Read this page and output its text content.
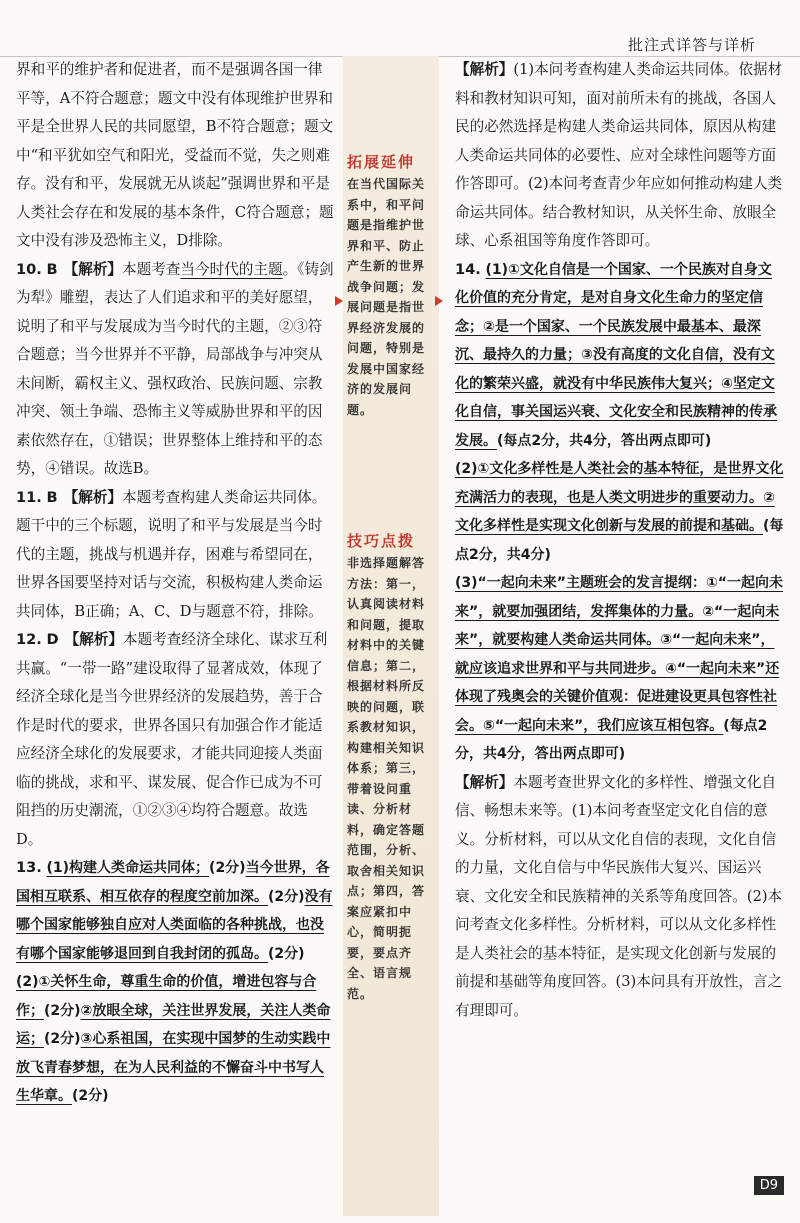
批注式详答与详析
界和平的维护者和促进者，而不是强调各国一律平等，A不符合题意；题文中没有体现维护世界和平是全世界人民的共同愿望，B不符合题意；题文中“和平犹如空气和阳光，受益而不觉，失之则难存。没有和平，发展就无从谈起”强调世界和平是人类社会存在和发展的基本条件，C符合题意；题文中没有涉及恐怖主义，D排除。
10. B 【解析】本题考查当今时代的主题。《铸剑为犁》雕塑，表达了人们追求和平的美好愿望，说明了和平与发展成为当今时代的主题，②③符合题意；当今世界并不平静，局部战争与冲突从未间断，霸权主义、强权政治、民族问题、宗教冲突、领土争端、恐怖主义等威胁世界和平的因素依然存在，①错误；世界整体上维持和平的态势，④错误。故选B。
11. B 【解析】本题考查构建人类命运共同体。题干中的三个标题，说明了和平与发展是当今时代的主题，挑战与机遇并存，困难与希望同在，世界各国要坚持对话与交流，积极构建人类命运共同体，B正确；A、C、D与题意不符，排除。
12. D 【解析】本题考查经济全球化、谋求互利共赢。“一带一路”建设取得了显著成效，体现了经济全球化是当今世界经济的发展趋势，善于合作是时代的要求，世界各国只有加强合作才能适应经济全球化的发展要求，才能共同迎接人类面临的挑战，求和平、谋发展、促合作已成为不可阻挡的历史潮流，①②③④均符合题意。故选D。
13. (1)构建人类命运共同体；(2分)当今世界，各国相互联系、相互依存的程度空前加深。(2分)没有哪个国家能够独自应对人类面临的各种挑战，也没有哪个国家能够退回到自我封闭的孤岛。(2分)
(2)①关怀生命，尊重生命的价值，增进包容与合作；(2分)②放眼全球，关注世界发展，关注人类命运；(2分)③心系祖国，在实现中国梦的生动实践中放飞青春梦想，在为人民利益的不懈奋斗中书写人生华章。(2分)
拓展延伸
在当代国际关系中，和平问题是指维护世界和平、防止产生新的世界战争问题；发展问题是指世界经济发展的问题，特别是发展中国家经济的发展问题。
技巧点拨
非选择题解答方法：第一，认真阅读材料和问题，提取材料中的关键信息；第二，根据材料所反映的问题，联系教材知识，构建相关知识体系；第三，带着设问重读、分析材料，确定答题范围，分析、取舍相关知识点；第四，答案应紧扣中心，简明扼要，要点齐全、语言规范。
【解析】(1)本问考查构建人类命运共同体。依据材料和教材知识可知，面对前所未有的挑战，各国人民的必然选择是构建人类命运共同体，原因从构建人类命运共同体的必要性、应对全球性问题等方面作答即可。(2)本问考查青少年应如何推动构建人类命运共同体。结合教材知识，从关怀生命、放眼全球、心系祖国等角度作答即可。
14. (1)①文化自信是一个国家、一个民族对自身文化价值的充分肯定，是对自身文化生命力的坚定信念；②是一个国家、一个民族发展中最基本、最深沉、最持久的力量；③没有高度的文化自信，没有文化的繁荣兴盛，就没有中华民族伟大复兴；④坚定文化自信，事关国运兴衰、文化安全和民族精神的传承发展。(每点2分，共4分，答出两点即可)
(2)①文化多样性是人类社会的基本特征，是世界文化充满活力的表现，也是人类文明进步的重要动力。②文化多样性是实现文化创新与发展的前提和基础。(每点2分，共4分)
(3)“一起向未来”主题班会的发言提纲：①“一起向未来”，就要加强团结，发挥集体的力量。②“一起向未来”，就要构建人类命运共同体。③“一起向未来”，就应该追求世界和平与共同进步。④“一起向未来”还体现了残奥会的关键价值观：促进建设更具包容性社会。⑤“一起向未来”，我们应该互相包容。(每点2分，共4分，答出两点即可)
【解析】本题考查世界文化的多样性、增强文化自信、畅想未来等。(1)本问考查坚定文化自信的意义。分析材料，可以从文化自信的表现，文化自信的力量，文化自信与中华民族伟大复兴、国运兴衰、文化安全和民族精神的关系等角度回答。(2)本问考查文化多样性。分析材料，可以从文化多样性是人类社会的基本特征，是实现文化创新与发展的前提和基础等角度回答。(3)本问具有开放性，言之有理即可。
D9
